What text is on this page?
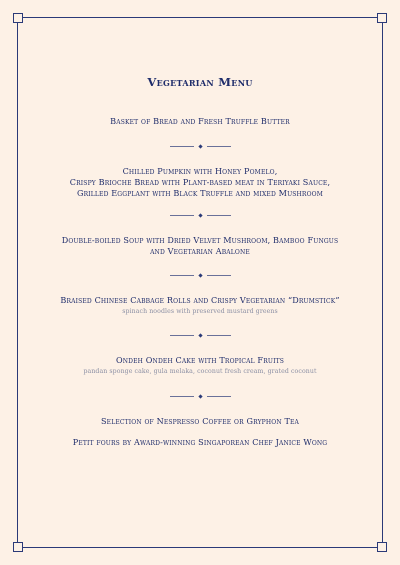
Vegetarian Menu
Basket of Bread and Fresh Truffle Butter
Chilled Pumpkin with Honey Pomelo,
Crispy Brioche Bread with Plant-based meat in Teriyaki Sauce,
Grilled Eggplant with Black Truffle and mixed Mushroom
Double-boiled Soup with Dried Velvet Mushroom, Bamboo Fungus
and Vegetarian Abalone
Braised Chinese Cabbage Rolls and Crispy Vegetarian “Drumstick”
spinach noodles with preserved mustard greens
Ondeh Ondeh Cake with Tropical Fruits
pandan sponge cake, gula melaka, coconut fresh cream, grated coconut
Selection of Nespresso Coffee or Gryphon Tea
Petit fours by Award-winning Singaporean Chef Janice Wong
